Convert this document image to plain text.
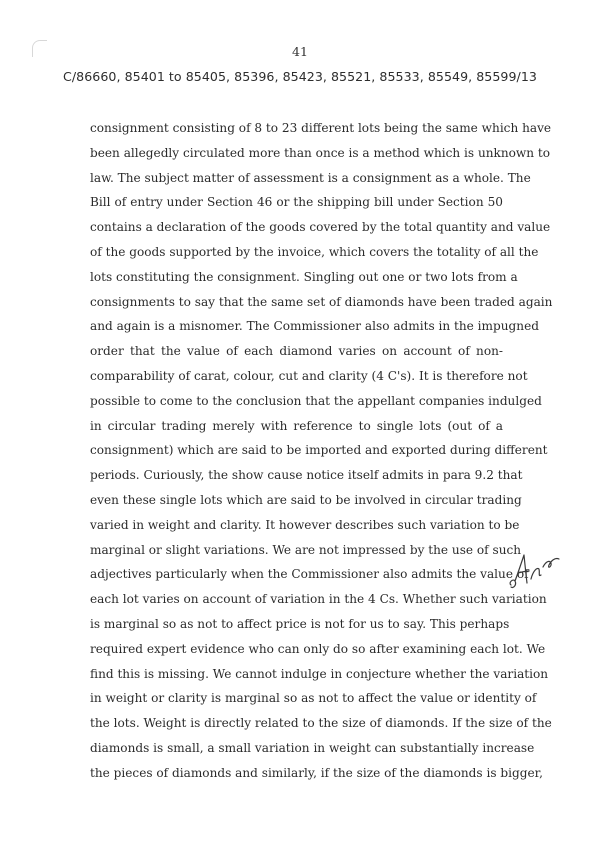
41
C/86660, 85401 to 85405, 85396, 85423, 85521, 85533, 85549, 85599/13
consignment consisting of 8 to 23 different lots being the same which have
been allegedly circulated more than once is a method which is unknown to
law. The subject matter of assessment is a consignment as a whole. The
Bill of entry under Section 46 or the shipping bill under Section 50
contains a declaration of the goods covered by the total quantity and value
of the goods supported by the invoice, which covers the totality of all the
lots constituting the consignment. Singling out one or two lots from a
consignments to say that the same set of diamonds have been traded again
and again is a misnomer. The Commissioner also admits in the impugned
order that the value of each diamond varies on account of non-
comparability of carat, colour, cut and clarity (4 C's). It is therefore not
possible to come to the conclusion that the appellant companies indulged
in circular trading merely with reference to single lots (out of a
consignment) which are said to be imported and exported during different
periods. Curiously, the show cause notice itself admits in para 9.2 that
even these single lots which are said to be involved in circular trading
varied in weight and clarity. It however describes such variation to be
marginal or slight variations. We are not impressed by the use of such
adjectives particularly when the Commissioner also admits the value of
each lot varies on account of variation in the 4 Cs. Whether such variation
is marginal so as not to affect price is not for us to say. This perhaps
required expert evidence who can only do so after examining each lot. We
find this is missing. We cannot indulge in conjecture whether the variation
in weight or clarity is marginal so as not to affect the value or identity of
the lots. Weight is directly related to the size of diamonds. If the size of the
diamonds is small, a small variation in weight can substantially increase
the pieces of diamonds and similarly, if the size of the diamonds is bigger,
